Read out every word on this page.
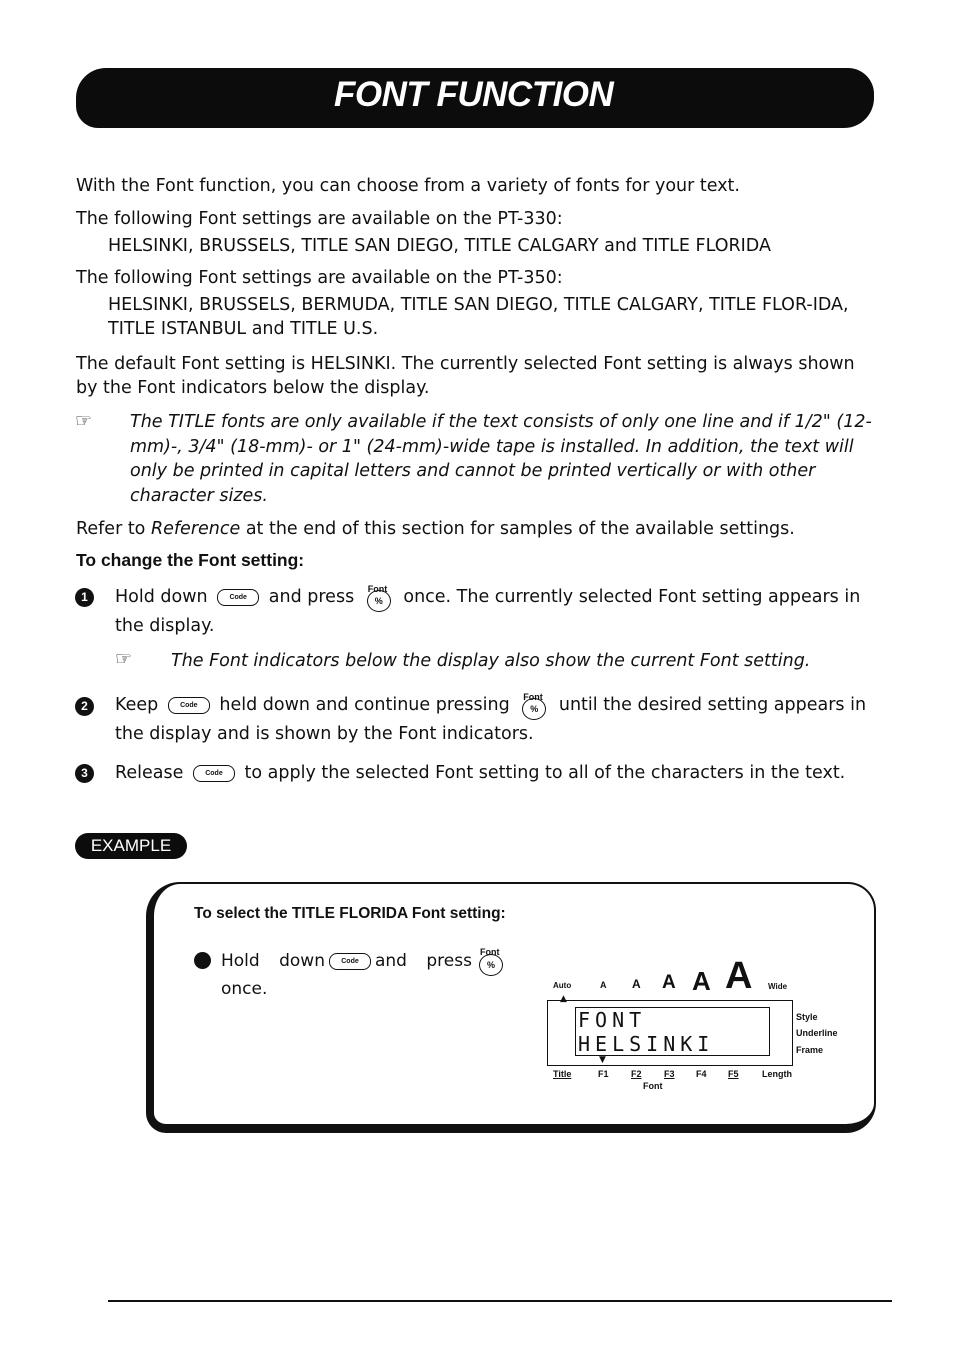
FONT FUNCTION

With the Font function, you can choose from a variety of fonts for your text.

The following Font settings are available on the PT-330:

HELSINKI, BRUSSELS, TITLE SAN DIEGO, TITLE CALGARY and TITLE FLORIDA

The following Font settings are available on the PT-350:

HELSINKI, BRUSSELS, BERMUDA, TITLE SAN DIEGO, TITLE CALGARY, TITLE FLOR-IDA, TITLE ISTANBUL and TITLE U.S.

The default Font setting is HELSINKI. The currently selected Font setting is always shown by the Font indicators below the display.

☞ The TITLE fonts are only available if the text consists of only one line and if 1/2" (12-mm)-, 3/4" (18-mm)- or 1" (24-mm)-wide tape is installed. In addition, the text will only be printed in capital letters and cannot be printed vertically or with other character sizes.

Refer to Reference at the end of this section for samples of the available settings.

To change the Font setting:
1	Hold down	Code and press Font
%	once. The currently selected Font setting appears in the display.

☞ The Font indicators below the display also show the current Font setting.

2	Keep	Code held down and continue pressing Font
%	until the desired setting appears in the display and is shown by the Font indicators.

3	Release	Code to apply the selected Font setting to all of the characters in the text.

EXAMPLE
To select the TITLE FLORIDA Font setting:
Hold down Code and press Font
%
once.	Auto	A A A A A Wide
▲
FONT
HELSINKI
▼
Style
Underline
Frame
Title	F1 F2 F3 F4 F5	Length
Font
